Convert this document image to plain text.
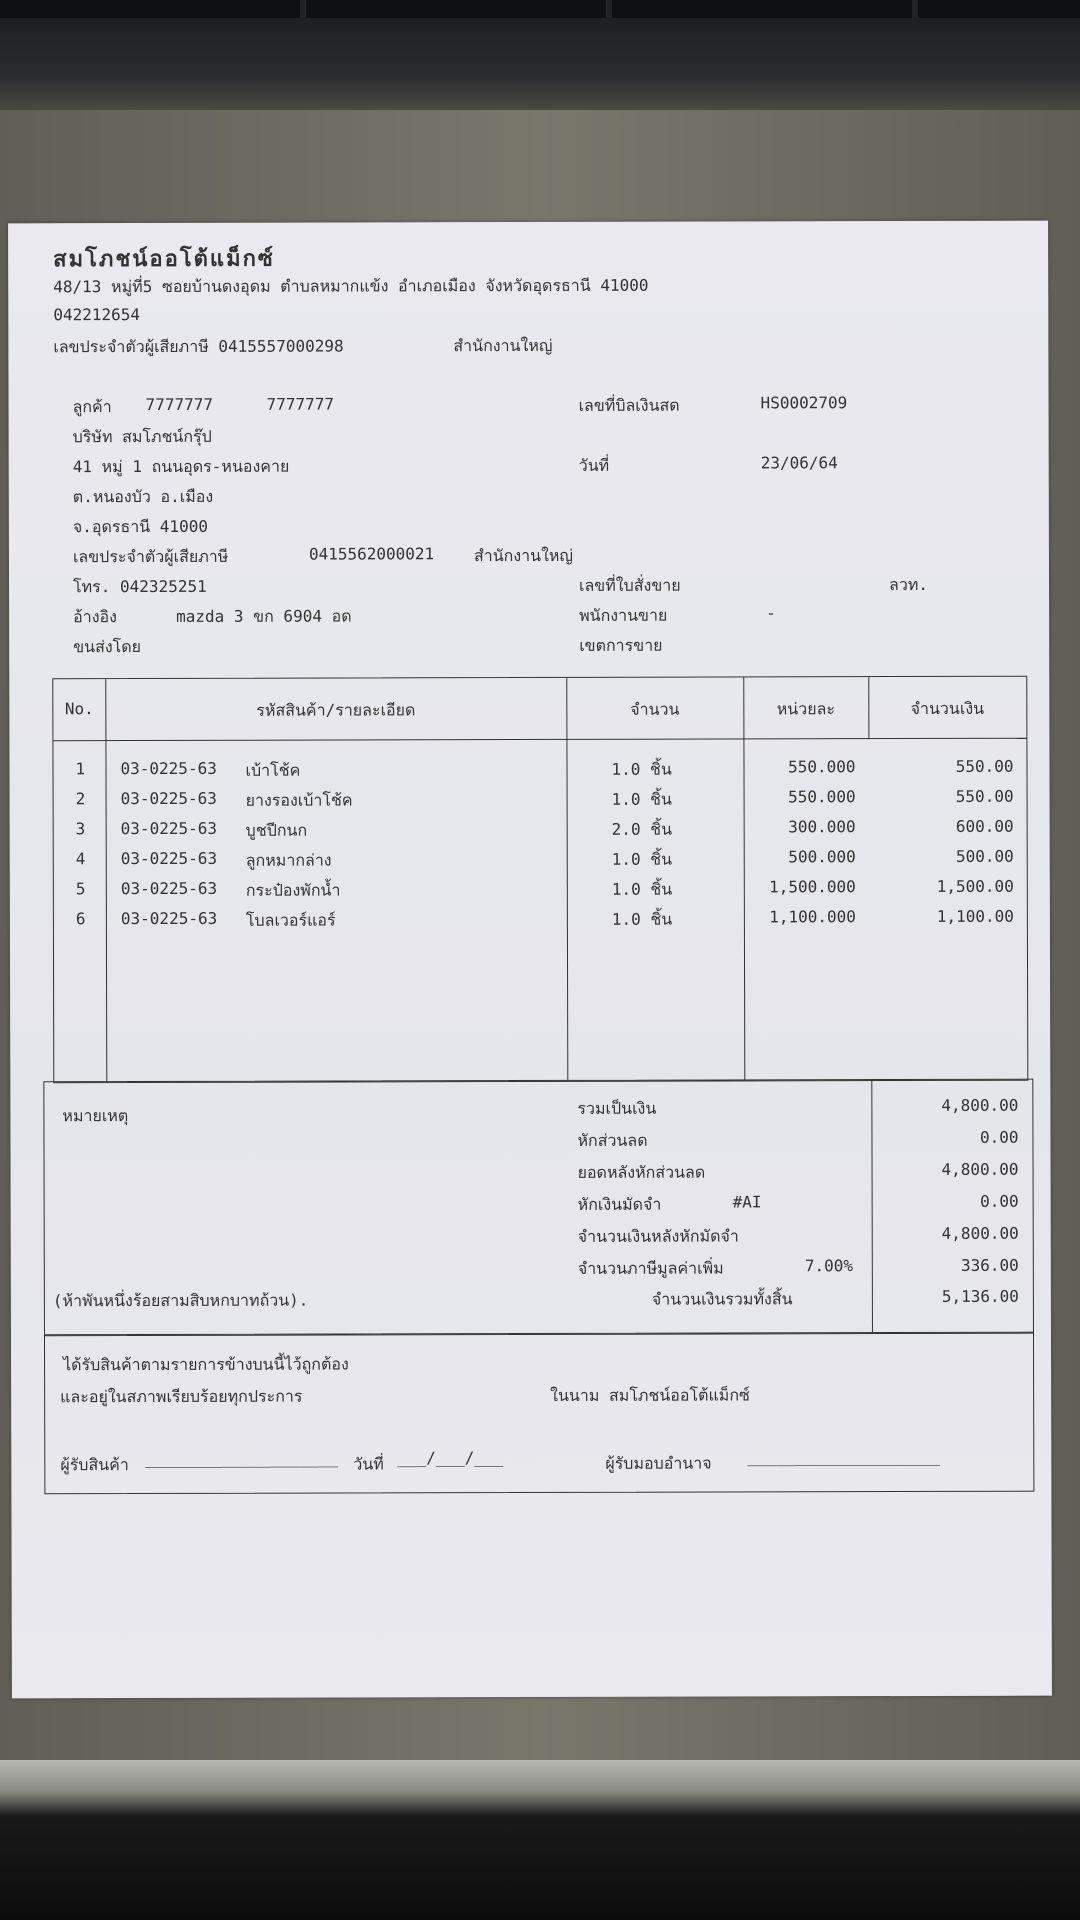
สมโภชน์ออโต้แม็กซ์
48/13 หมู่ที่5 ซอยบ้านดงอุดม ตำบลหมากแข้ง อำเภอเมือง จังหวัดอุดรธานี 41000
042212654
เลขประจำตัวผู้เสียภาษี 0415557000298	สำนักงานใหญ่
ลูกค้า 7777777	7777777
บริษัท สมโภชน์กรุ๊ป
41 หมู่ 1 ถนนอุดร-หนองคาย
ต.หนองบัว อ.เมือง
จ.อุดรธานี 41000
เลขประจำตัวผู้เสียภาษี	0415562000021 สำนักงานใหญ่
โทร. 042325251
อ้างอิง	mazda 3 ขก 6904 อด
ขนส่งโดย
เลขที่บิลเงินสด	HS0002709
วันที่	23/06/64
เลขที่ใบสั่งขาย	ลวท.
พนักงานขาย	-
เขตการขาย
No.	รหัสสินค้า/รายละเอียด	จำนวน	หน่วยละ	จำนวนเงิน
1 03-0225-63 เบ้าโช้ค	1.0 ชิ้น	550.000	550.00
2 03-0225-63 ยางรองเบ้าโช้ค	1.0 ชิ้น	550.000	550.00
3 03-0225-63 บูชปีกนก	2.0 ชิ้น	300.000	600.00
4 03-0225-63 ลูกหมากล่าง	1.0 ชิ้น	500.000	500.00
5 03-0225-63 กระป๋องพักน้ำ	1.0 ชิ้น	1,500.000	1,500.00
6 03-0225-63 โบลเวอร์แอร์	1.0 ชิ้น	1,100.000	1,100.00
หมายเหตุ	รวมเป็นเงิน	4,800.00
หักส่วนลด	0.00
ยอดหลังหักส่วนลด	4,800.00
หักเงินมัดจำ	#AI	0.00
จำนวนเงินหลังหักมัดจำ	4,800.00
จำนวนภาษีมูลค่าเพิ่ม	7.00%	336.00
(ห้าพันหนึ่งร้อยสามสิบหกบาทถ้วน).	จำนวนเงินรวมทั้งสิ้น	5,136.00
ได้รับสินค้าตามรายการข้างบนนี้ไว้ถูกต้อง
และอยู่ในสภาพเรียบร้อยทุกประการ	ในนาม สมโภชน์ออโต้แม็กซ์
ผู้รับสินค้า ____________________ วันที่ ___/___/___	ผู้รับมอบอำนาจ ____________________
